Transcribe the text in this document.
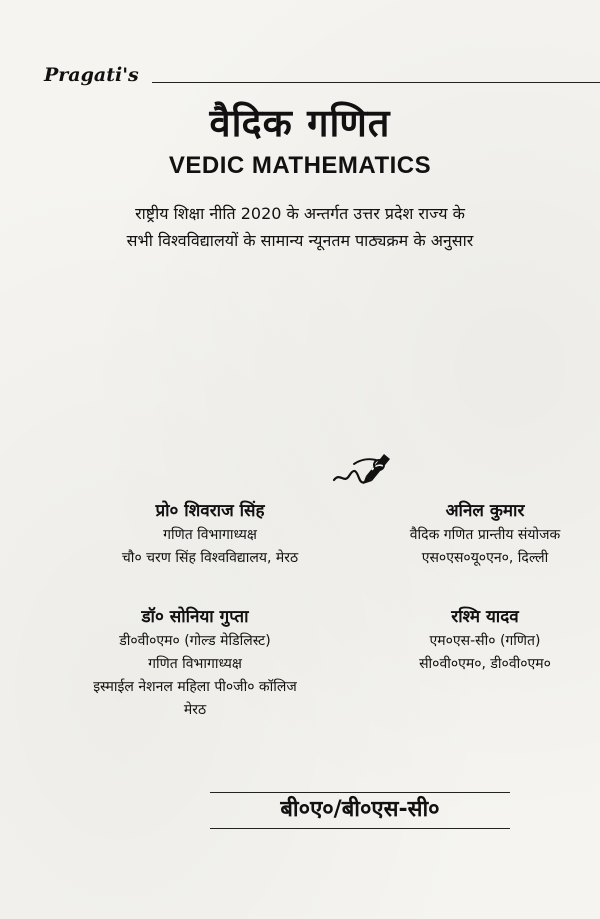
Pragati's
वैदिक गणित
VEDIC MATHEMATICS
राष्ट्रीय शिक्षा नीति 2020 के अन्तर्गत उत्तर प्रदेश राज्य के
सभी विश्वविद्यालयों के सामान्य न्यूनतम पाठ्यक्रम के अनुसार
प्रो० शिवराज सिंह
गणित विभागाध्यक्ष
चौ० चरण सिंह विश्वविद्यालय, मेरठ
अनिल कुमार
वैदिक गणित प्रान्तीय संयोजक
एस०एस०यू०एन०, दिल्ली
डॉ० सोनिया गुप्ता
डी०वी०एम० (गोल्ड मेडिलिस्ट)
गणित विभागाध्यक्ष
इस्माईल नेशनल महिला पी०जी० कॉलिज
मेरठ
रश्मि यादव
एम०एस-सी० (गणित)
सी०वी०एम०, डी०वी०एम०
बी०ए०/बी०एस-सी०
